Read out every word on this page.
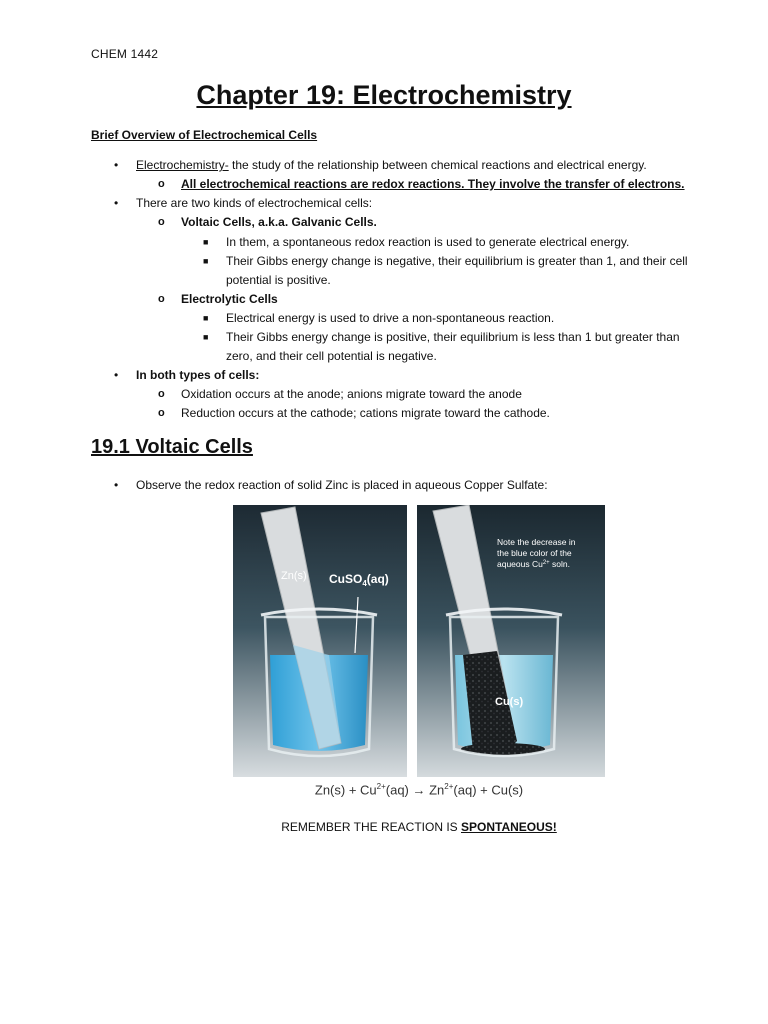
CHEM 1442
Chapter 19: Electrochemistry
Brief Overview of Electrochemical Cells
• Electrochemistry- the study of the relationship between chemical reactions and electrical energy.
o All electrochemical reactions are redox reactions. They involve the transfer of electrons.
• There are two kinds of electrochemical cells:
o Voltaic Cells, a.k.a. Galvanic Cells.
■ In them, a spontaneous redox reaction is used to generate electrical energy.
■ Their Gibbs energy change is negative, their equilibrium is greater than 1, and their cell
potential is positive.
o Electrolytic Cells
■ Electrical energy is used to drive a non-spontaneous reaction.
■ Their Gibbs energy change is positive, their equilibrium is less than 1 but greater than
zero, and their cell potential is negative.
• In both types of cells:
o Oxidation occurs at the anode; anions migrate toward the anode
o Reduction occurs at the cathode; cations migrate toward the cathode.
19.1 Voltaic Cells
• Observe the redox reaction of solid Zinc is placed in aqueous Copper Sulfate:
Zn(s) CuSO$_4$(aq)
Note the decrease in
the blue color of the
aqueous $Cu^{2+}$ soln.
Cu(s)
$Zn(s) + Cu^{2+}(aq) \to Zn^{2+}(aq) + Cu(s)$
REMEMBER THE REACTION IS SPONTANEOUS!
